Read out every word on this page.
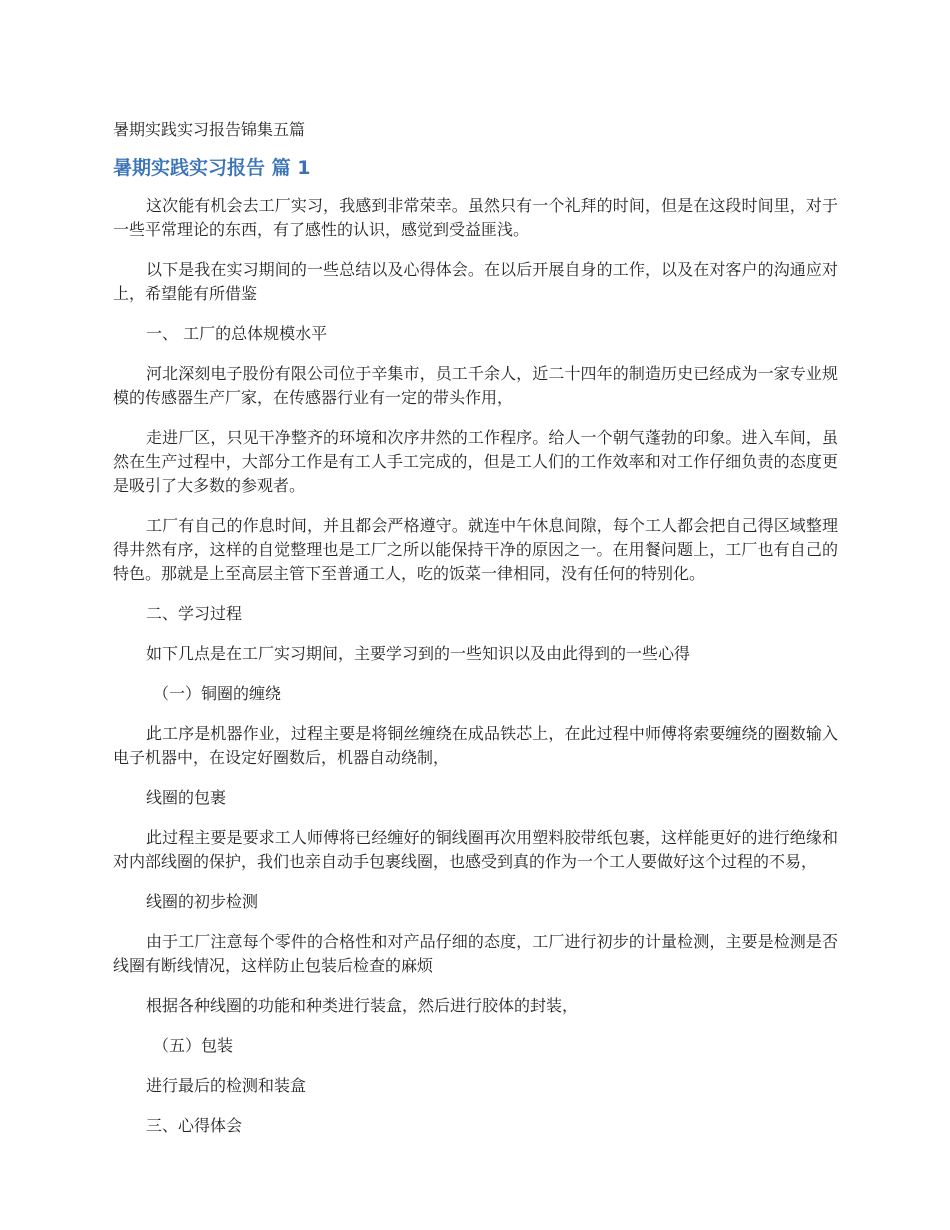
暑期实践实习报告锦集五篇
暑期实践实习报告 篇 1

这次能有机会去工厂实习，我感到非常荣幸。虽然只有一个礼拜的时间，但是在这段时间里，对于一些平常理论的东西，有了感性的认识，感觉到受益匪浅。

以下是我在实习期间的一些总结以及心得体会。在以后开展自身的工作，以及在对客户的沟通应对上，希望能有所借鉴

一、 工厂的总体规模水平

河北深刻电子股份有限公司位于辛集市，员工千余人，近二十四年的制造历史已经成为一家专业规模的传感器生产厂家，在传感器行业有一定的带头作用，

走进厂区，只见干净整齐的环境和次序井然的工作程序。给人一个朝气蓬勃的印象。进入车间，虽然在生产过程中，大部分工作是有工人手工完成的，但是工人们的工作效率和对工作仔细负责的态度更是吸引了大多数的参观者。

工厂有自己的作息时间，并且都会严格遵守。就连中午休息间隙，每个工人都会把自己得区域整理得井然有序，这样的自觉整理也是工厂之所以能保持干净的原因之一。在用餐问题上，工厂也有自己的特色。那就是上至高层主管下至普通工人，吃的饭菜一律相同，没有任何的特别化。

二、学习过程

如下几点是在工厂实习期间，主要学习到的一些知识以及由此得到的一些心得

（一）铜圈的缠绕

此工序是机器作业，过程主要是将铜丝缠绕在成品铁芯上，在此过程中师傅将索要缠绕的圈数输入电子机器中，在设定好圈数后，机器自动绕制，

线圈的包裹

此过程主要是要求工人师傅将已经缠好的铜线圈再次用塑料胶带纸包裹，这样能更好的进行绝缘和对内部线圈的保护，我们也亲自动手包裹线圈，也感受到真的作为一个工人要做好这个过程的不易，

线圈的初步检测

由于工厂注意每个零件的合格性和对产品仔细的态度，工厂进行初步的计量检测，主要是检测是否线圈有断线情况，这样防止包装后检查的麻烦

根据各种线圈的功能和种类进行装盒，然后进行胶体的封装，

（五）包装

进行最后的检测和装盒

三、心得体会
